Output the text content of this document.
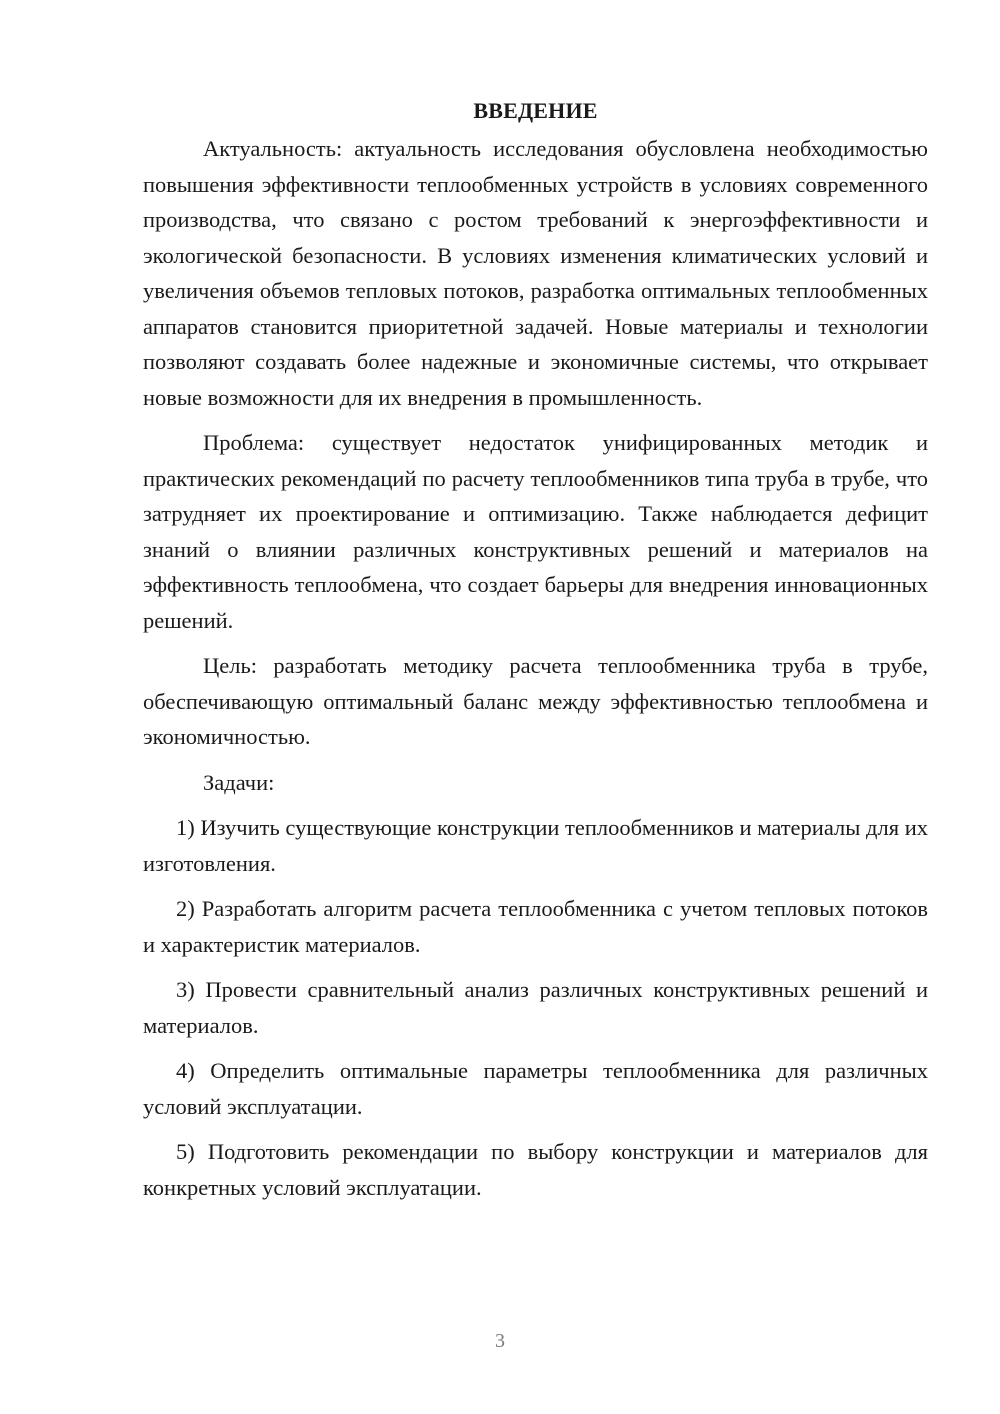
ВВЕДЕНИЕ

Актуальность: актуальность исследования обусловлена необходимостью повышения эффективности теплообменных устройств в условиях современного производства, что связано с ростом требований к энергоэффективности и экологической безопасности. В условиях изменения климатических условий и увеличения объемов тепловых потоков, разработка оптимальных теплообменных аппаратов становится приоритетной задачей. Новые материалы и технологии позволяют создавать более надежные и экономичные системы, что открывает новые возможности для их внедрения в промышленность.

Проблема: существует недостаток унифицированных методик и практических рекомендаций по расчету теплообменников типа труба в трубе, что затрудняет их проектирование и оптимизацию. Также наблюдается дефицит знаний о влиянии различных конструктивных решений и материалов на эффективность теплообмена, что создает барьеры для внедрения инновационных решений.

Цель: разработать методику расчета теплообменника труба в трубе, обеспечивающую оптимальный баланс между эффективностью теплообмена и экономичностью.

Задачи:

1) Изучить существующие конструкции теплообменников и материалы для их изготовления.

2) Разработать алгоритм расчета теплообменника с учетом тепловых потоков и характеристик материалов.

3) Провести сравнительный анализ различных конструктивных решений и материалов.

4) Определить оптимальные параметры теплообменника для различных условий эксплуатации.

5) Подготовить рекомендации по выбору конструкции и материалов для конкретных условий эксплуатации.

3
